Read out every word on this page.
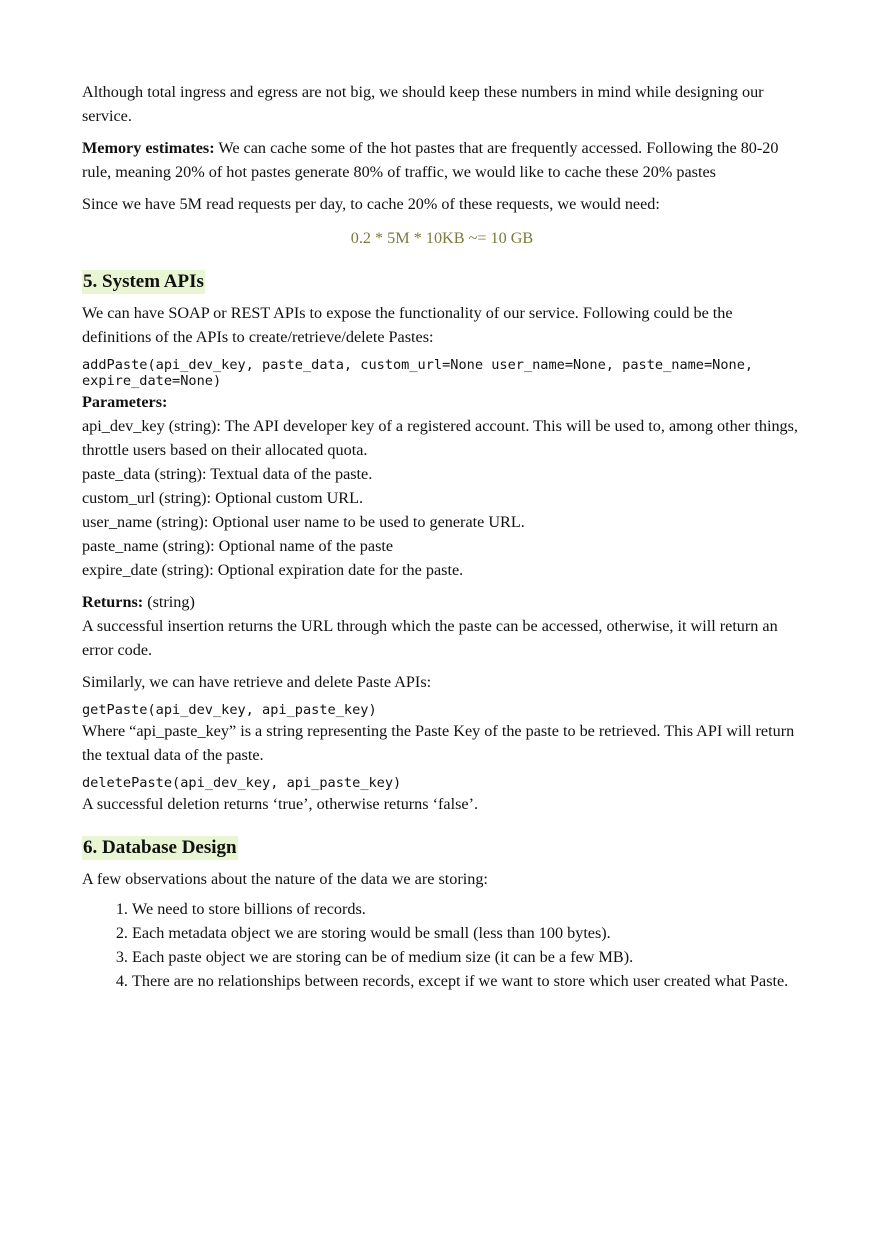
Although total ingress and egress are not big, we should keep these numbers in mind while designing our service.

Memory estimates: We can cache some of the hot pastes that are frequently accessed. Following the 80-20 rule, meaning 20% of hot pastes generate 80% of traffic, we would like to cache these 20% pastes

Since we have 5M read requests per day, to cache 20% of these requests, we would need:

0.2 * 5M * 10KB ~= 10 GB

5. System APIs

We can have SOAP or REST APIs to expose the functionality of our service. Following could be the definitions of the APIs to create/retrieve/delete Pastes:

addPaste(api_dev_key, paste_data, custom_url=None user_name=None, paste_name=None, expire_date=None)

Parameters:

api_dev_key (string): The API developer key of a registered account. This will be used to, among other things, throttle users based on their allocated quota.

paste_data (string): Textual data of the paste.

custom_url (string): Optional custom URL.

user_name (string): Optional user name to be used to generate URL.

paste_name (string): Optional name of the paste

expire_date (string): Optional expiration date for the paste.

Returns: (string)

A successful insertion returns the URL through which the paste can be accessed, otherwise, it will return an error code.

Similarly, we can have retrieve and delete Paste APIs:

getPaste(api_dev_key, api_paste_key)

Where “api_paste_key” is a string representing the Paste Key of the paste to be retrieved. This API will return the textual data of the paste.

deletePaste(api_dev_key, api_paste_key)

A successful deletion returns ‘true’, otherwise returns ‘false’.

6. Database Design

A few observations about the nature of the data we are storing:

1. We need to store billions of records.
2. Each metadata object we are storing would be small (less than 100 bytes).
3. Each paste object we are storing can be of medium size (it can be a few MB).
4. There are no relationships between records, except if we want to store which user created what Paste.
